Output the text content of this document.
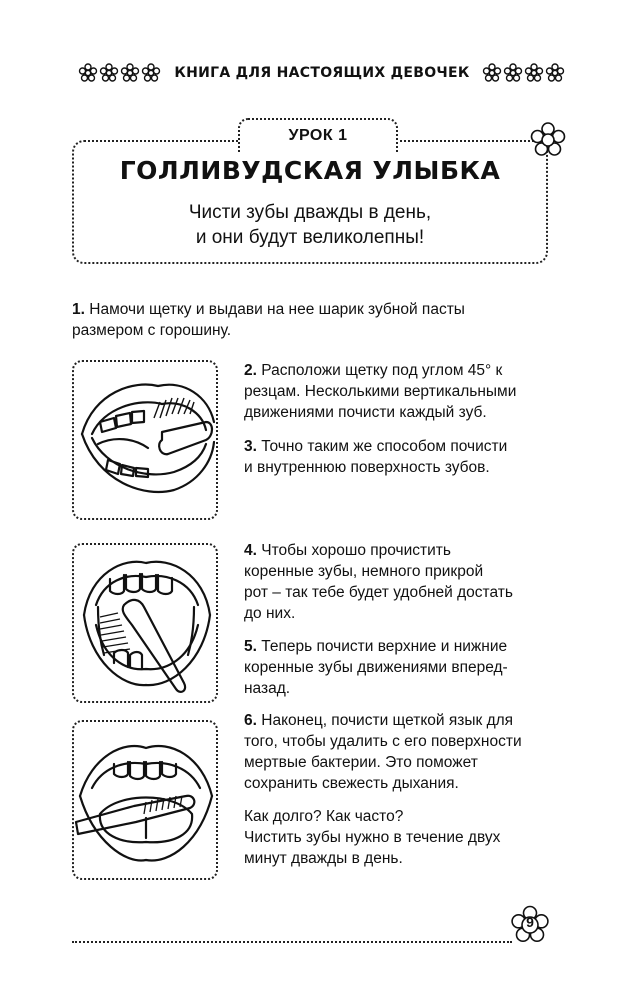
КНИГА ДЛЯ НАСТОЯЩИХ ДЕВОЧЕК
УРОК 1
ГОЛЛИВУДСКАЯ УЛЫБКА
Чисти зубы дважды в день,
и они будут великолепны!
1. Намочи щетку и выдави на нее шарик зубной пасты
размером с горошину.
2. Расположи щетку под углом 45° к
резцам. Несколькими вертикальными
движениями почисти каждый зуб.
3. Точно таким же способом почисти
и внутреннюю поверхность зубов.
4. Чтобы хорошо прочистить
коренные зубы, немного прикрой
рот – так тебе будет удобней достать
до них.
5. Теперь почисти верхние и нижние
коренные зубы движениями вперед-
назад.
6. Наконец, почисти щеткой язык для
того, чтобы удалить с его поверхности
мертвые бактерии. Это поможет
сохранить свежесть дыхания.
Как долго? Как часто?
Чистить зубы нужно в течение двух
минут дважды в день.
9
